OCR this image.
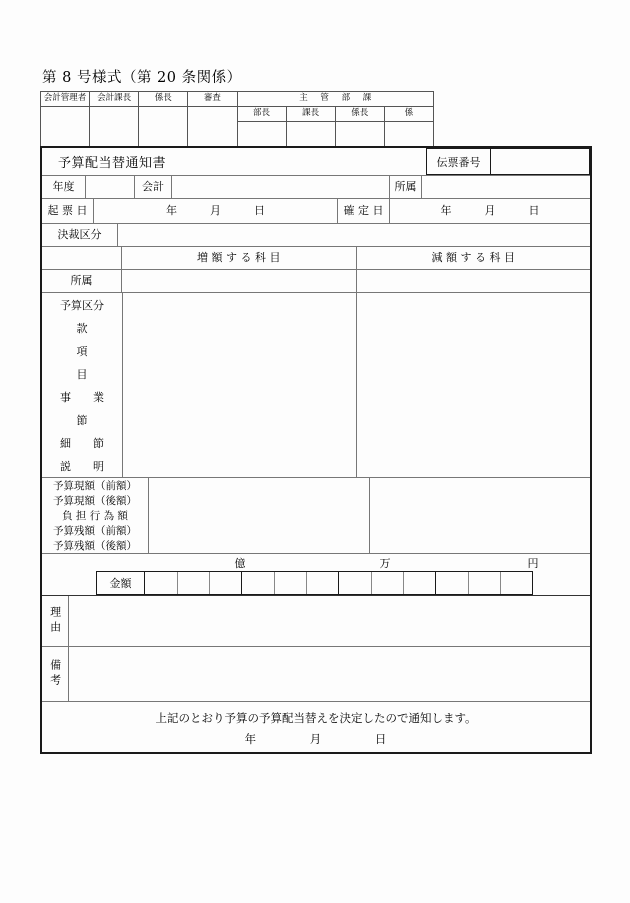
第 8 号様式（第 20 条関係）
会計管理者	会計課長	係長	審査	主 管 部 課			
				部長	課長	係長	係

予算配当替通知書	伝票番号
年度	会計	所属
起 票 日	年　　　月　　　日	確 定 日	年　　　月　　　日
決裁区分
増 額 す る 科 目	減 額 す る 科 目
所属
予算区分
款
項
目
事　　業
節
細　　節
説　　明
予算現額（前額）
予算現額（後額）
負 担 行 為 額
予算残額（前額）
予算残額（後額）
億	万	円
金額
理由
備考
上記のとおり予算の予算配当替えを決定したので通知します。
年	月	日
